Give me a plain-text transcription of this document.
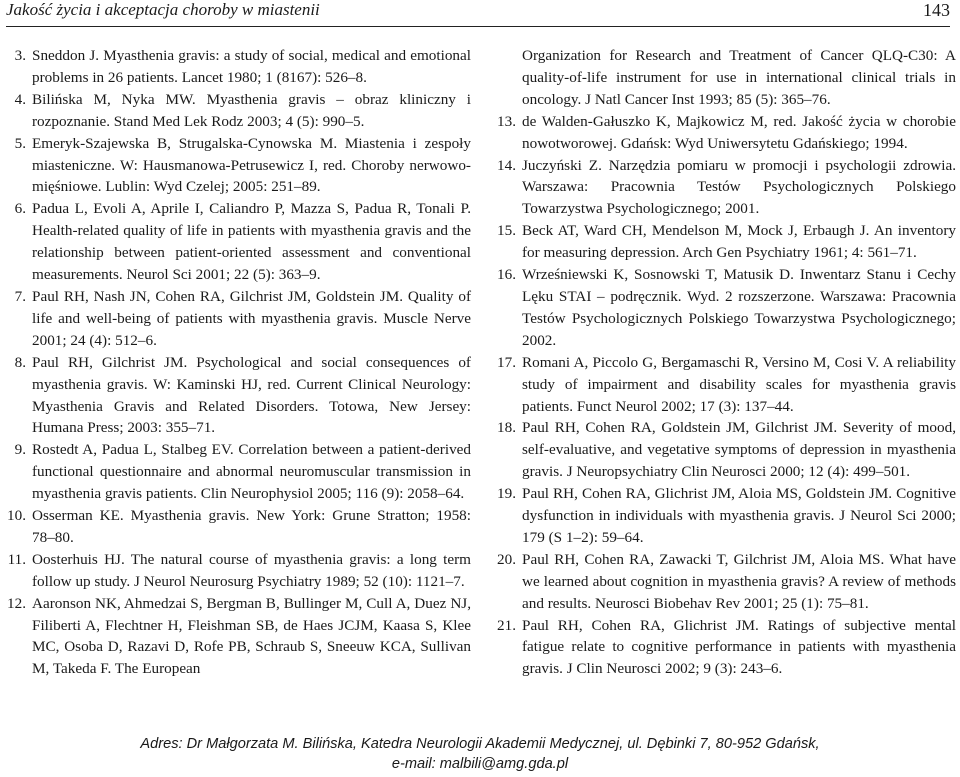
Jakość życia i akceptacja choroby w miastenii	143
3. Sneddon J. Myasthenia gravis: a study of social, medical and emotional problems in 26 patients. Lancet 1980; 1 (8167): 526–8.
4. Bilińska M, Nyka MW. Myasthenia gravis – obraz kliniczny i rozpoznanie. Stand Med Lek Rodz 2003; 4 (5): 990–5.
5. Emeryk-Szajewska B, Strugalska-Cynowska M. Miastenia i zespoły miasteniczne. W: Hausmanowa-Petrusewicz I, red. Choroby nerwowo-mięśniowe. Lublin: Wyd Czelej; 2005: 251–89.
6. Padua L, Evoli A, Aprile I, Caliandro P, Mazza S, Padua R, Tonali P. Health-related quality of life in patients with myasthenia gravis and the relationship between patient-oriented assessment and conventional measurements. Neurol Sci 2001; 22 (5): 363–9.
7. Paul RH, Nash JN, Cohen RA, Gilchrist JM, Goldstein JM. Quality of life and well-being of patients with myasthenia gravis. Muscle Nerve 2001; 24 (4): 512–6.
8. Paul RH, Gilchrist JM. Psychological and social consequences of myasthenia gravis. W: Kaminski HJ, red. Current Clinical Neurology: Myasthenia Gravis and Related Disorders. Totowa, New Jersey: Humana Press; 2003: 355–71.
9. Rostedt A, Padua L, Stalbeg EV. Correlation between a patient-derived functional questionnaire and abnormal neuromuscular transmission in myasthenia gravis patients. Clin Neurophysiol 2005; 116 (9): 2058–64.
10. Osserman KE. Myasthenia gravis. New York: Grune Stratton; 1958: 78–80.
11. Oosterhuis HJ. The natural course of myasthenia gravis: a long term follow up study. J Neurol Neurosurg Psychiatry 1989; 52 (10): 1121–7.
12. Aaronson NK, Ahmedzai S, Bergman B, Bullinger M, Cull A, Duez NJ, Filiberti A, Flechtner H, Fleishman SB, de Haes JCJM, Kaasa S, Klee MC, Osoba D, Razavi D, Rofe PB, Schraub S, Sneeuw KCA, Sullivan M, Takeda F. The European
Organization for Research and Treatment of Cancer QLQ-C30: A quality-of-life instrument for use in international clinical trials in oncology. J Natl Cancer Inst 1993; 85 (5): 365–76.
13. de Walden-Gałuszko K, Majkowicz M, red. Jakość życia w chorobie nowotworowej. Gdańsk: Wyd Uniwersytetu Gdańskiego; 1994.
14. Juczyński Z. Narzędzia pomiaru w promocji i psychologii zdrowia. Warszawa: Pracownia Testów Psychologicznych Polskiego Towarzystwa Psychologicznego; 2001.
15. Beck AT, Ward CH, Mendelson M, Mock J, Erbaugh J. An inventory for measuring depression. Arch Gen Psychiatry 1961; 4: 561–71.
16. Wrześniewski K, Sosnowski T, Matusik D. Inwentarz Stanu i Cechy Lęku STAI – podręcznik. Wyd. 2 rozszerzone. Warszawa: Pracownia Testów Psychologicznych Polskiego Towarzystwa Psychologicznego; 2002.
17. Romani A, Piccolo G, Bergamaschi R, Versino M, Cosi V. A reliability study of impairment and disability scales for myasthenia gravis patients. Funct Neurol 2002; 17 (3): 137–44.
18. Paul RH, Cohen RA, Goldstein JM, Gilchrist JM. Severity of mood, self-evaluative, and vegetative symptoms of depression in myasthenia gravis. J Neuropsychiatry Clin Neurosci 2000; 12 (4): 499–501.
19. Paul RH, Cohen RA, Glichrist JM, Aloia MS, Goldstein JM. Cognitive dysfunction in individuals with myasthenia gravis. J Neurol Sci 2000; 179 (S 1–2): 59–64.
20. Paul RH, Cohen RA, Zawacki T, Gilchrist JM, Aloia MS. What have we learned about cognition in myasthenia gravis? A review of methods and results. Neurosci Biobehav Rev 2001; 25 (1): 75–81.
21. Paul RH, Cohen RA, Glichrist JM. Ratings of subjective mental fatigue relate to cognitive performance in patients with myasthenia gravis. J Clin Neurosci 2002; 9 (3): 243–6.
Adres: Dr Małgorzata M. Bilińska, Katedra Neurologii Akademii Medycznej, ul. Dębinki 7, 80-952 Gdańsk,
e-mail: malbili@amg.gda.pl
